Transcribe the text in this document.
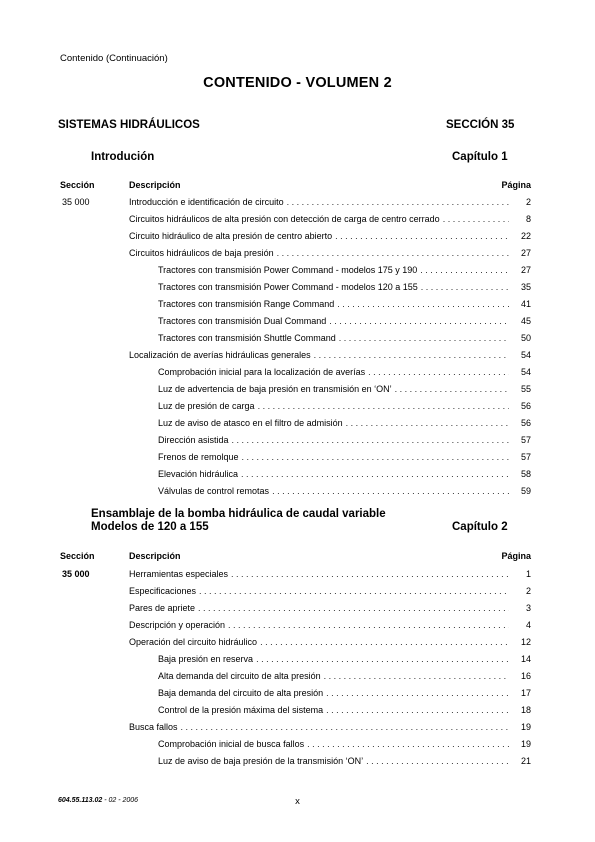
Contenido (Continuación)
CONTENIDO - VOLUMEN 2
SISTEMAS HIDRÁULICOS	SECCIÓN 35
Introdución	Capítulo 1
Sección	Descripción	Página
35 000	Introducción e identificación de circuito . . .	2
Circuitos hidráulicos de alta presión con detección de carga de centro cerrado . . .	8
Circuito hidráulico de alta presión de centro abierto . . .	22
Circuitos hidráulicos de baja presión . . .	27
Tractores con transmisión Power Command - modelos 175 y 190 . . .	27
Tractores con transmisión Power Command - modelos 120 a 155 . . .	35
Tractores con transmisión Range Command . . .	41
Tractores con transmisión Dual Command . . .	45
Tractores con transmisión Shuttle Command . . .	50
Localización de averías hidráulicas generales . . .	54
Comprobación inicial para la localización de averías . . .	54
Luz de advertencia de baja presión en transmisión en ‘ON’ . . .	55
Luz de presión de carga . . .	56
Luz de aviso de atasco en el filtro de admisión . . .	56
Dirección asistida . . .	57
Frenos de remolque . . .	57
Elevación hidráulica . . .	58
Válvulas de control remotas . . .	59
Ensamblaje de la bomba hidráulica de caudal variable
Modelos de 120 a 155	Capítulo 2
Sección	Descripción	Página
35 000	Herramientas especiales . . .	1
Especificaciones . . .	2
Pares de apriete . . .	3
Descripción y operación . . .	4
Operación del circuito hidráulico . . .	12
Baja presión en reserva . . .	14
Alta demanda del circuito de alta presión . . .	16
Baja demanda del circuito de alta presión . . .	17
Control de la presión máxima del sistema . . .	18
Busca fallos . . .	19
Comprobación inicial de busca fallos . . .	19
Luz de aviso de baja presión de la transmisión ‘ON’ . . .	21
604.55.113.02 - 02 - 2006	x
